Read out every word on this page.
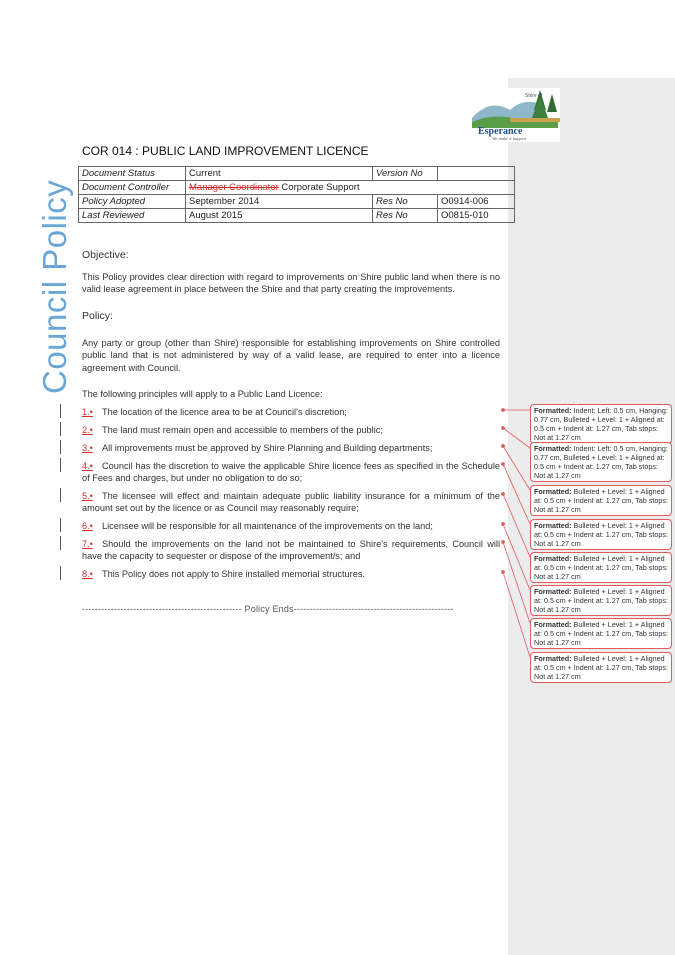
Council Policy
Shire of
Esperance
We make it happen
COR 014 : PUBLIC LAND IMPROVEMENT LICENCE
Document Status	Current	Version No	
Document Controller	Manager Coordinator Corporate Support		
Policy Adopted	September 2014	Res No	O0914-006
Last Reviewed	August 2015	Res No	O0815-010
Objective:
This Policy provides clear direction with regard to improvements on Shire public land when there is no valid lease agreement in place between the Shire and that party creating the improvements.
Policy:
Any party or group (other than Shire) responsible for establishing improvements on Shire controlled public land that is not administered by way of a valid lease, are required to enter into a licence agreement with Council.
The following principles will apply to a Public Land Licence:
1.• The location of the licence area to be at Council's discretion;
2.• The land must remain open and accessible to members of the public;
3.• All improvements must be approved by Shire Planning and Building departments;
4.• Council has the discretion to waive the applicable Shire licence fees as specified in the Schedule of Fees and charges, but under no obligation to do so;
5.• The licensee will effect and maintain adequate public liability insurance for a minimum of the amount set out by the licence or as Council may reasonably require;
6.• Licensee will be responsible for all maintenance of the improvements on the land;
7.• Should the improvements on the land not be maintained to Shire's requirements, Council will have the capacity to sequester or dispose of the improvement/s; and
8.• This Policy does not apply to Shire installed memorial structures.
-------------------------------------------------- Policy Ends--------------------------------------------------
Formatted: Indent: Left: 0.5 cm, Hanging: 0.77 cm, Bulleted + Level: 1 + Aligned at: 0.5 cm + Indent at: 1.27 cm, Tab stops: Not at 1.27 cm
Formatted: Indent: Left: 0.5 cm, Hanging: 0.77 cm, Bulleted + Level: 1 + Aligned at: 0.5 cm + Indent at: 1.27 cm, Tab stops: Not at 1.27 cm
Formatted: Bulleted + Level: 1 + Aligned at: 0.5 cm + Indent at: 1.27 cm, Tab stops: Not at 1.27 cm
Formatted: Bulleted + Level: 1 + Aligned at: 0.5 cm + Indent at: 1.27 cm, Tab stops: Not at 1.27 cm
Formatted: Bulleted + Level: 1 + Aligned at: 0.5 cm + Indent at: 1.27 cm, Tab stops: Not at 1.27 cm
Formatted: Bulleted + Level: 1 + Aligned at: 0.5 cm + Indent at: 1.27 cm, Tab stops: Not at 1.27 cm
Formatted: Bulleted + Level: 1 + Aligned at: 0.5 cm + Indent at: 1.27 cm, Tab stops: Not at 1.27 cm
Formatted: Bulleted + Level: 1 + Aligned at: 0.5 cm + Indent at: 1.27 cm, Tab stops: Not at 1.27 cm
